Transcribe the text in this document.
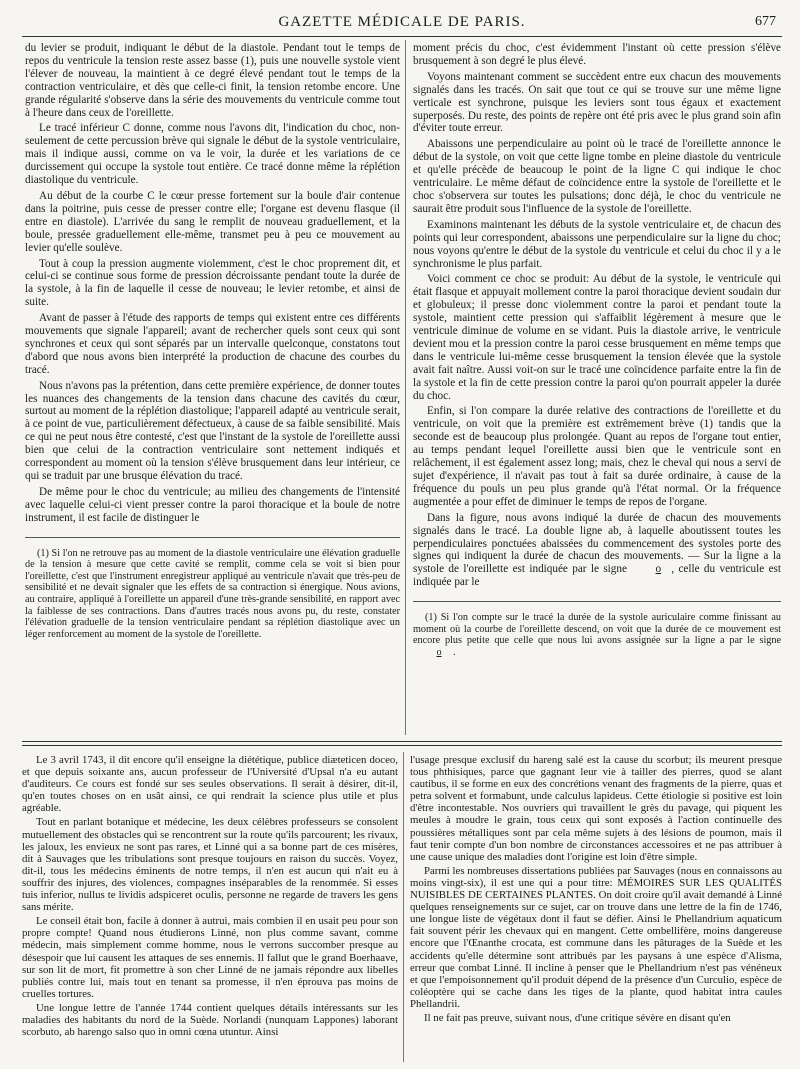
GAZETTE MÉDICALE DE PARIS.	677

du levier se produit, indiquant le début de la diastole. Pendant tout le temps de repos du ventricule la tension reste assez basse (1), puis une nouvelle systole vient l'élever de nouveau, la maintient à ce degré élevé pendant tout le temps de la contraction ventriculaire, et dès que celle-ci finit, la tension retombe encore. Une grande régularité s'observe dans la série des mouvements du ventricule comme tout à l'heure dans ceux de l'oreillette.

Le tracé inférieur C donne, comme nous l'avons dit, l'indication du choc, non-seulement de cette percussion brève qui signale le début de la systole ventriculaire, mais il indique aussi, comme on va le voir, la durée et les variations de ce durcissement qui occupe la systole tout entière. Ce tracé donne même la réplétion diastolique du ventricule.

Au début de la courbe C le cœur presse fortement sur la boule d'air contenue dans la poitrine, puis cesse de presser contre elle; l'organe est devenu flasque (il entre en diastole). L'arrivée du sang le remplit de nouveau graduellement, et la boule, pressée graduellement elle-même, transmet peu à peu ce mouvement au levier qu'elle soulève.

Tout à coup la pression augmente violemment, c'est le choc proprement dit, et celui-ci se continue sous forme de pression décroissante pendant toute la durée de la systole, à la fin de laquelle il cesse de nouveau; le levier retombe, et ainsi de suite.

Avant de passer à l'étude des rapports de temps qui existent entre ces différents mouvements que signale l'appareil; avant de rechercher quels sont ceux qui sont synchrones et ceux qui sont séparés par un intervalle quelconque, constatons tout d'abord que nous avons bien interprété la production de chacune des courbes du tracé.

Nous n'avons pas la prétention, dans cette première expérience, de donner toutes les nuances des changements de la tension dans chacune des cavités du cœur, surtout au moment de la réplétion diastolique; l'appareil adapté au ventricule serait, à ce point de vue, particulièrement défectueux, à cause de sa faible sensibilité. Mais ce qui ne peut nous être contesté, c'est que l'instant de la systole de l'oreillette aussi bien que celui de la contraction ventriculaire sont nettement indiqués et correspondent au moment où la tension s'élève brusquement dans leur intérieur, ce qui se traduit par une brusque élévation du tracé.

De même pour le choc du ventricule; au milieu des changements de l'intensité avec laquelle celui-ci vient presser contre la paroi thoracique et la boule de notre instrument, il est facile de distinguer le

(1) Si l'on ne retrouve pas au moment de la diastole ventriculaire une élévation graduelle de la tension à mesure que cette cavité se remplit, comme cela se voit si bien pour l'oreillette, c'est que l'instrument enregistreur appliqué au ventricule n'avait que très-peu de sensibilité et ne devait signaler que les effets de sa contraction si énergique. Nous avions, au contraire, appliqué à l'oreillette un appareil d'une très-grande sensibilité, en rapport avec la faiblesse de ses contractions. Dans d'autres tracés nous avons pu, du reste, constater l'élévation graduelle de la tension ventriculaire pendant sa réplétion diastolique avec un léger renforcement au moment de la systole de l'oreillette.

moment précis du choc, c'est évidemment l'instant où cette pression s'élève brusquement à son degré le plus élevé.

Voyons maintenant comment se succèdent entre eux chacun des mouvements signalés dans les tracés. On sait que tout ce qui se trouve sur une même ligne verticale est synchrone, puisque les leviers sont tous égaux et exactement superposés. Du reste, des points de repère ont été pris avec le plus grand soin afin d'éviter toute erreur.

Abaissons une perpendiculaire au point où le tracé de l'oreillette annonce le début de la systole, on voit que cette ligne tombe en pleine diastole du ventricule et qu'elle précède de beaucoup le point de la ligne C qui indique le choc ventriculaire. Le même défaut de coïncidence entre la systole de l'oreillette et le choc s'observera sur toutes les pulsations; donc déjà, le choc du ventricule ne saurait être produit sous l'influence de la systole de l'oreillette.

Examinons maintenant les débuts de la systole ventriculaire et, de chacun des points qui leur correspondent, abaissons une perpendiculaire sur la ligne du choc; nous voyons qu'entre le début de la systole du ventricule et celui du choc il y a le synchronisme le plus parfait.

Voici comment ce choc se produit: Au début de la systole, le ventricule qui était flasque et appuyait mollement contre la paroi thoracique devient soudain dur et globuleux; il presse donc violemment contre la paroi et pendant toute la systole, maintient cette pression qui s'affaiblit légèrement à mesure que le ventricule diminue de volume en se vidant. Puis la diastole arrive, le ventricule devient mou et la pression contre la paroi cesse brusquement en même temps que dans le ventricule lui-même cesse brusquement la tension élevée que la systole avait fait naître. Aussi voit-on sur le tracé une coïncidence parfaite entre la fin de la systole et la fin de cette pression contre la paroi qu'on pourrait appeler la durée du choc.

Enfin, si l'on compare la durée relative des contractions de l'oreillette et du ventricule, on voit que la première est extrêmement brève (1) tandis que la seconde est de beaucoup plus prolongée. Quant au repos de l'organe tout entier, au temps pendant lequel l'oreillette aussi bien que le ventricule sont en relâchement, il est également assez long; mais, chez le cheval qui nous a servi de sujet d'expérience, il n'avait pas tout à fait sa durée ordinaire, à cause de la fréquence du pouls un peu plus grande qu'à l'état normal. Or la fréquence augmentée a pour effet de diminuer le temps de repos de l'organe.

Dans la figure, nous avons indiqué la durée de chacun des mouvements signalés dans le tracé. La double ligne ab, à laquelle aboutissent toutes les perpendiculaires ponctuées abaissées du commencement des systoles porte des signes qui indiquent la durée de chacun des mouvements. — Sur la ligne a la systole de l'oreillette est indiquée par le signe	o , celle du ventricule est indiquée par le

(1) Si l'on compte sur le tracé la durée de la systole auriculaire comme finissant au moment où la courbe de l'oreillette descend, on voit que la durée de ce mouvement est encore plus petite que celle que nous lui avons assignée sur la ligne a par le signe o .

Le 3 avril 1743, il dit encore qu'il enseigne la diététique, publice diæteticen doceo, et que depuis soixante ans, aucun professeur de l'Université d'Upsal n'a eu autant d'auditeurs. Ce cours est fondé sur ses seules observations. Il serait à désirer, dit-il, qu'en toutes choses on en usât ainsi, ce qui rendrait la science plus utile et plus agréable.

Tout en parlant botanique et médecine, les deux célèbres professeurs se consolent mutuellement des obstacles qui se rencontrent sur la route qu'ils parcourent; les rivaux, les jaloux, les envieux ne sont pas rares, et Linné qui a sa bonne part de ces misères, dit à Sauvages que les tribulations sont presque toujours en raison du succès. Voyez, dit-il, tous les médecins éminents de notre temps, il n'en est aucun qui n'ait eu à souffrir des injures, des violences, compagnes inséparables de la renommée. Si esses tuis inferior, nullus te lividis adspiceret oculis, personne ne regarde de travers les gens sans mérite.

Le conseil était bon, facile à donner à autrui, mais combien il en usait peu pour son propre compte! Quand nous étudierons Linné, non plus comme savant, comme médecin, mais simplement comme homme, nous le verrons succomber presque au désespoir que lui causent les attaques de ses ennemis. Il fallut que le grand Boerhaave, sur son lit de mort, fit promettre à son cher Linné de ne jamais répondre aux libelles publiés contre lui, mais tout en tenant sa promesse, il n'en éprouva pas moins de cruelles tortures.

Une longue lettre de l'année 1744 contient quelques détails intéressants sur les maladies des habitants du nord de la Suède. Norlandi (nunquam Lappones) laborant scorbuto, ab harengo salso quo in omni cœna utuntur. Ainsi

l'usage presque exclusif du hareng salé est la cause du scorbut; ils meurent presque tous phthisiques, parce que gagnant leur vie à tailler des pierres, quod se alant cautibus, il se forme en eux des concrétions venant des fragments de la pierre, quas et petra solvent et formabunt, unde calculus lapideus. Cette étiologie si positive est loin d'être incontestable. Nos ouvriers qui travaillent le grès du pavage, qui piquent les meules à moudre le grain, tous ceux qui sont exposés à l'action continuelle des poussières métalliques sont par cela même sujets à des lésions de poumon, mais il faut tenir compte d'un bon nombre de circonstances accessoires et ne pas attribuer à une cause unique des maladies dont l'origine est loin d'être simple.

Parmi les nombreuses dissertations publiées par Sauvages (nous en connaissons au moins vingt-six), il est une qui a pour titre: MÉMOIRES SUR LES QUALITÉS NUISIBLES DE CERTAINES PLANTES. On doit croire qu'il avait demandé à Linné quelques renseignements sur ce sujet, car on trouve dans une lettre de la fin de 1746, une longue liste de végétaux dont il faut se défier. Ainsi le Phellandrium aquaticum fait souvent périr les chevaux qui en mangent. Cette ombellifère, moins dangereuse encore que l'Œnanthe crocata, est commune dans les pâturages de la Suède et les accidents qu'elle détermine sont attribués par les paysans à une espèce d'Alisma, erreur que combat Linné. Il incline à penser que le Phellandrium n'est pas vénéneux et que l'empoisonnement qu'il produit dépend de la présence d'un Curculio, espèce de coléoptère qui se cache dans les tiges de la plante, quod habitat intra caules Phellandrii.

Il ne fait pas preuve, suivant nous, d'une critique sévère en disant qu'en
